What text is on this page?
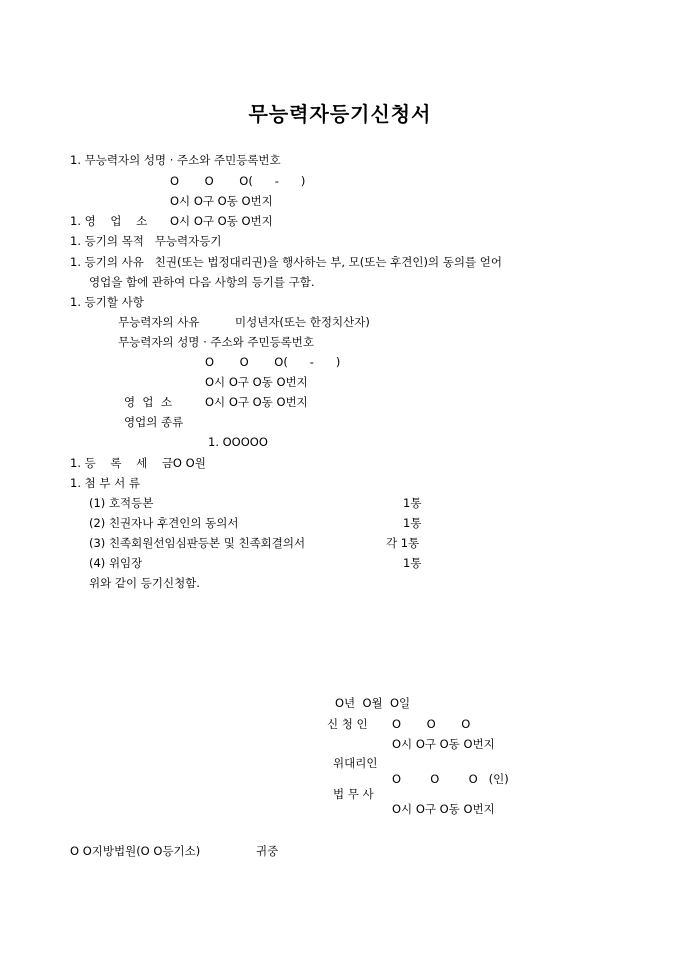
무능력자등기신청서
1. 무능력자의 성명 · 주소와 주민등록번호
O       O       O(      -      )
O시 O구 O동 O번지
1. 영    업    소 O시 O구 O동 O번지
1. 등기의 목적   무능력자등기
1. 등기의 사유   친권(또는 법정대리권)을 행사하는 부, 모(또는 후견인)의 동의를 얻어
영업을 함에 관하여 다음 사항의 등기를 구함.
1. 등기할 사항
무능력자의 사유	미성년자(또는 한정치산자)
무능력자의 성명 · 주소와 주민등록번호
O       O       O(      -      )
O시 O구 O동 O번지
영  업  소	O시 O구 O동 O번지
영업의 종류
1. OOOOO
1. 등    록    세    금O O원
1. 첨 부 서 류
(1) 호적등본	1통
(2) 친권자나 후견인의 동의서	1통
(3) 친족회원선임심판등본 및 친족회결의서	각 1통
(4) 위임장	1통
위와 같이 등기신청함.
O년  O월  O일
신 청 인 O       O       O
O시 O구 O동 O번지
위대리인
O        O        O   (인)
법 무 사
O시 O구 O동 O번지
O O지방법원(O O등기소)	귀중
